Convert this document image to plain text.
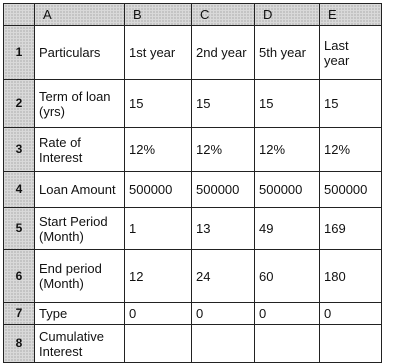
	A	B	C	D	E
1	Particulars	1st year	2nd year	5th year	Last year
2	Term of loan (yrs)	15	15	15	15
3	Rate of Interest	12%	12%	12%	12%
4	Loan Amount	500000	500000	500000	500000
5	Start Period (Month)	1	13	49	169
6	End period (Month)	12	24	60	180
7	Type	0	0	0	0
8	Cumulative Interest				
